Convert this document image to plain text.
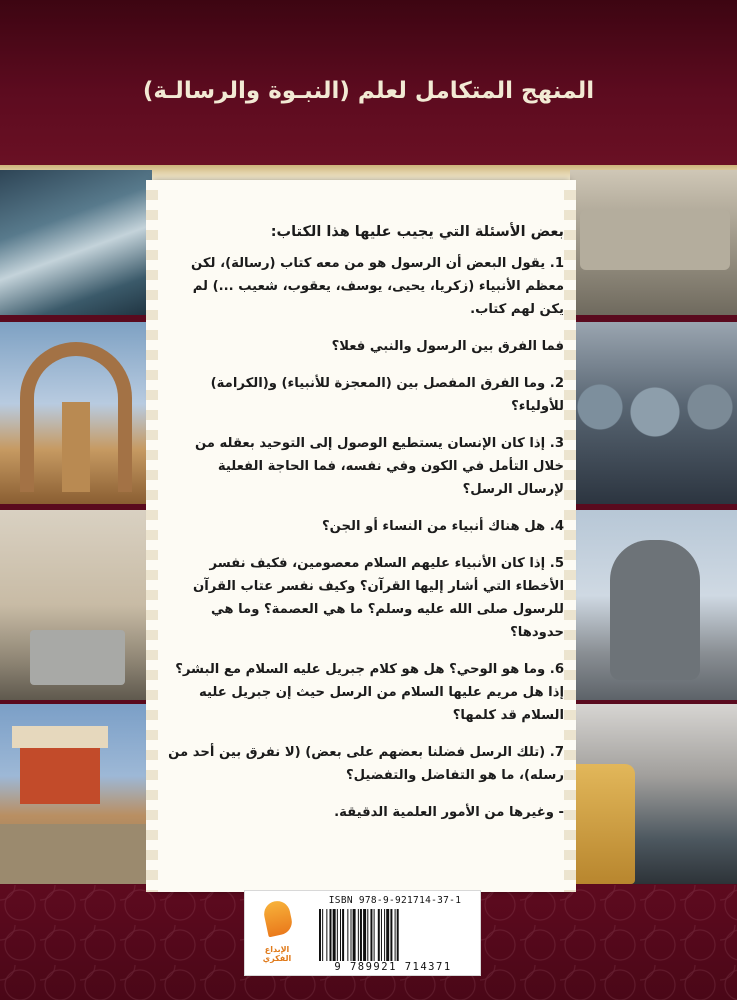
المنهج المتكامل لعلم (النبـوة والرسالـة)
بعض الأسئلة التي يجيب عليها هذا الكتاب:
1. يقول البعض أن الرسول هو من معه كتاب (رسالة)، لكن معظم الأنبياء (زكريا، يحيى، يوسف، يعقوب، شعيب ...) لم يكن لهم كتاب.
فما الفرق بين الرسول والنبي فعلا؟
2. وما الفرق المفصل بين (المعجزة للأنبياء) و(الكرامة) للأولياء؟
3. إذا كان الإنسان يستطيع الوصول إلى التوحيد بعقله من خلال التأمل في الكون وفي نفسه، فما الحاجة الفعلية لإرسال الرسل؟
4. هل هناك أنبياء من النساء أو الجن؟
5. إذا كان الأنبياء عليهم السلام معصومين، فكيف نفسر الأخطاء التي أشار إليها القرآن؟ وكيف نفسر عتاب القرآن للرسول صلى الله عليه وسلم؟ ما هي العصمة؟ وما هي حدودها؟
6. وما هو الوحي؟ هل هو كلام جبريل عليه السلام مع البشر؟ إذا هل مريم عليها السلام من الرسل حيث إن جبريل عليه السلام قد كلمها؟
7. (تلك الرسل فضلنا بعضهم على بعض) (لا نفرق بين أحد من رسله)، ما هو التفاضل والتفضيل؟
- وغيرها من الأمور العلمية الدقيقة.
الإبداع الفكري
ISBN 978-9-921714-37-1
9 789921 714371
